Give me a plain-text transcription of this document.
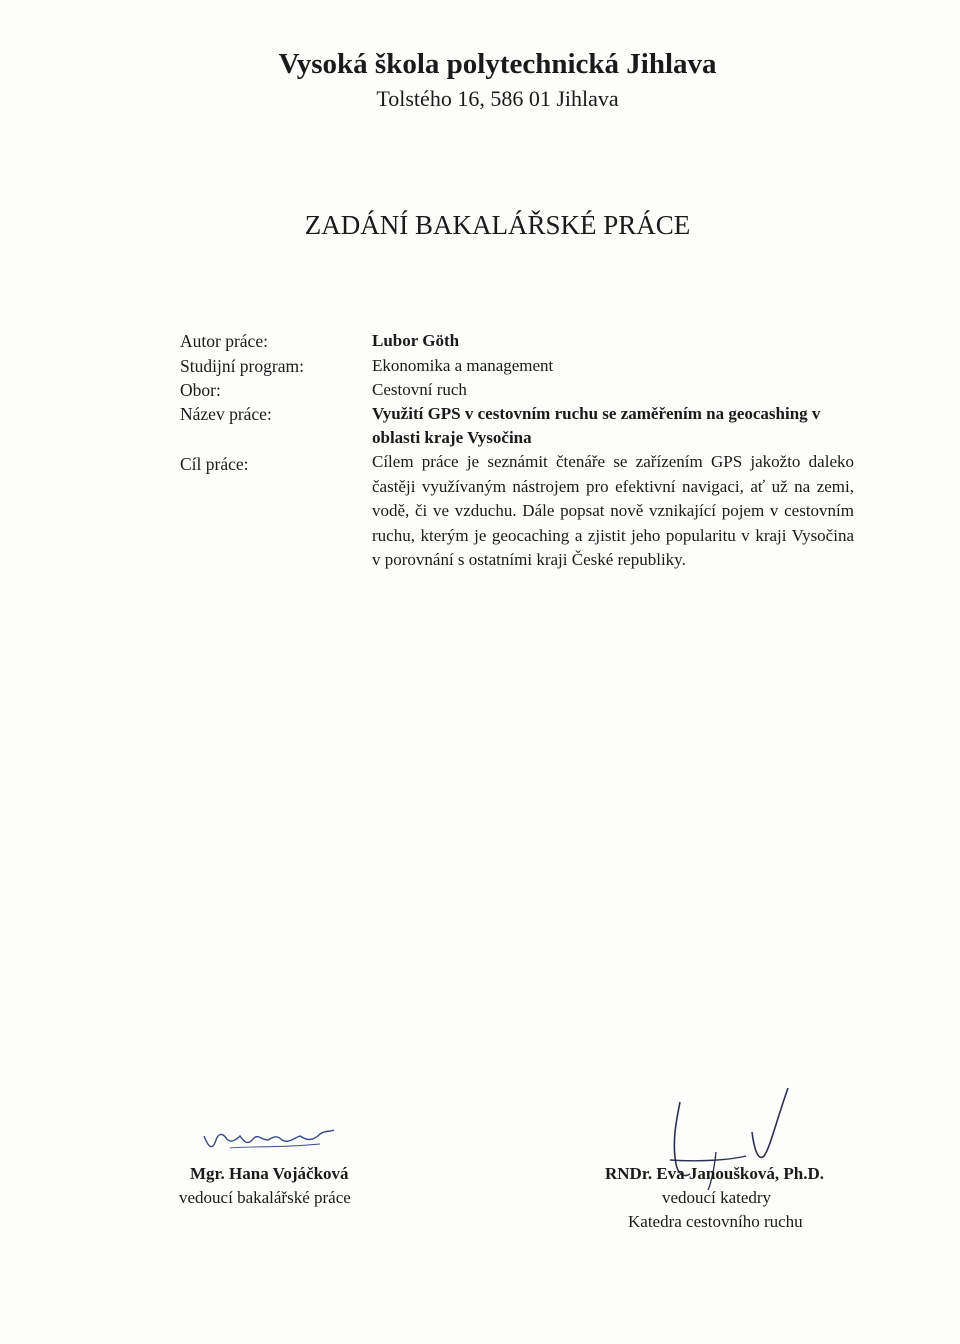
Vysoká škola polytechnická Jihlava
Tolstého 16, 586 01 Jihlava
ZADÁNÍ BAKALÁŘSKÉ PRÁCE
Autor práce:	Lubor Göth
Studijní program:	Ekonomika a management
Obor:	Cestovní ruch
Název práce:	Využití GPS v cestovním ruchu se zaměřením na geocashing v
oblasti kraje Vysočina
Cíl práce:	Cílem práce je seznámit čtenáře se zařízením GPS jakožto daleko častěji využívaným nástrojem pro efektivní navigaci, ať už na zemi, vodě, či ve vzduchu. Dále popsat nově vznikající pojem v cestovním ruchu, kterým je geocaching a zjistit jeho popularitu v kraji Vysočina v porovnání s ostatními kraji České republiky.
Mgr. Hana Vojáčková
vedoucí bakalářské práce
RNDr. Eva Janoušková, Ph.D.
vedoucí katedry
Katedra cestovního ruchu
